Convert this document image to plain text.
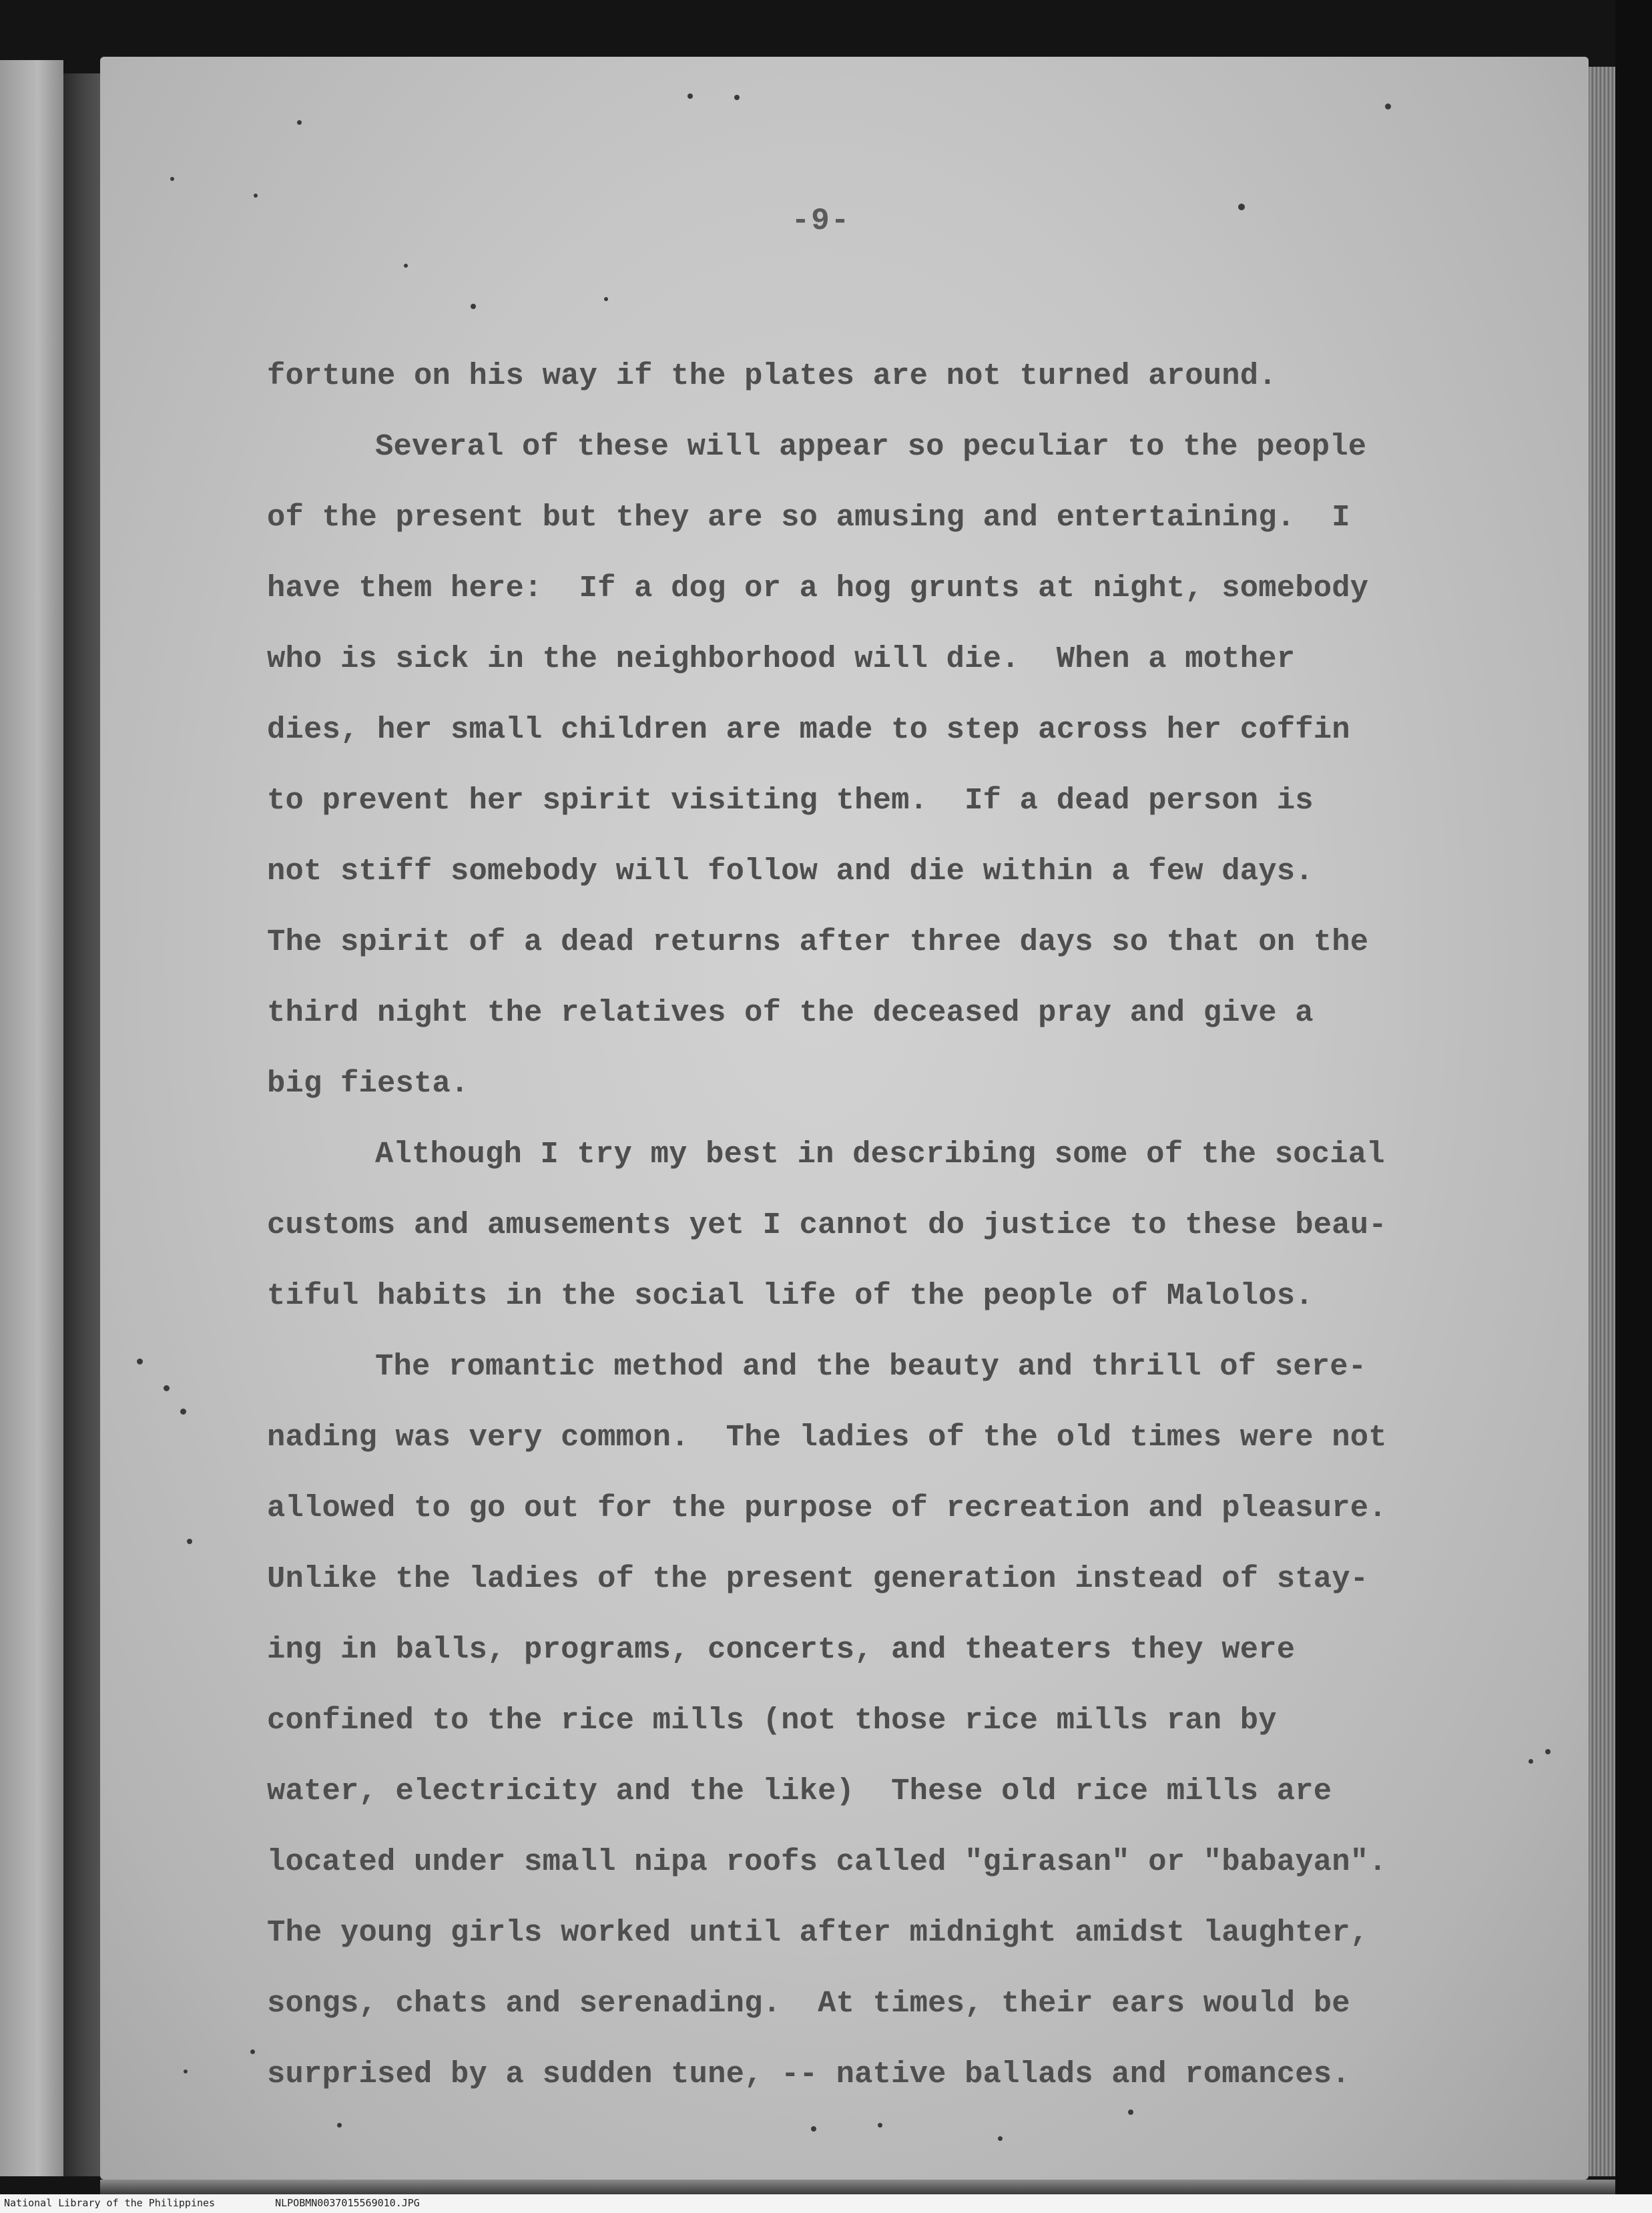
-9-
fortune on his way if the plates are not turned around.
Several of these will appear so peculiar to the people
of the present but they are so amusing and entertaining.  I
have them here:  If a dog or a hog grunts at night, somebody
who is sick in the neighborhood will die.  When a mother
dies, her small children are made to step across her coffin
to prevent her spirit visiting them.  If a dead person is
not stiff somebody will follow and die within a few days.
The spirit of a dead returns after three days so that on the
third night the relatives of the deceased pray and give a
big fiesta.
Although I try my best in describing some of the social
customs and amusements yet I cannot do justice to these beau-
tiful habits in the social life of the people of Malolos.
The romantic method and the beauty and thrill of sere-
nading was very common.  The ladies of the old times were not
allowed to go out for the purpose of recreation and pleasure.
Unlike the ladies of the present generation instead of stay-
ing in balls, programs, concerts, and theaters they were
confined to the rice mills (not those rice mills ran by
water, electricity and the like)  These old rice mills are
located under small nipa roofs called "girasan" or "babayan".
The young girls worked until after midnight amidst laughter,
songs, chats and serenading.  At times, their ears would be
surprised by a sudden tune, -- native ballads and romances.
National Library of the Philippines	NLPOBMN0037015569010.JPG
